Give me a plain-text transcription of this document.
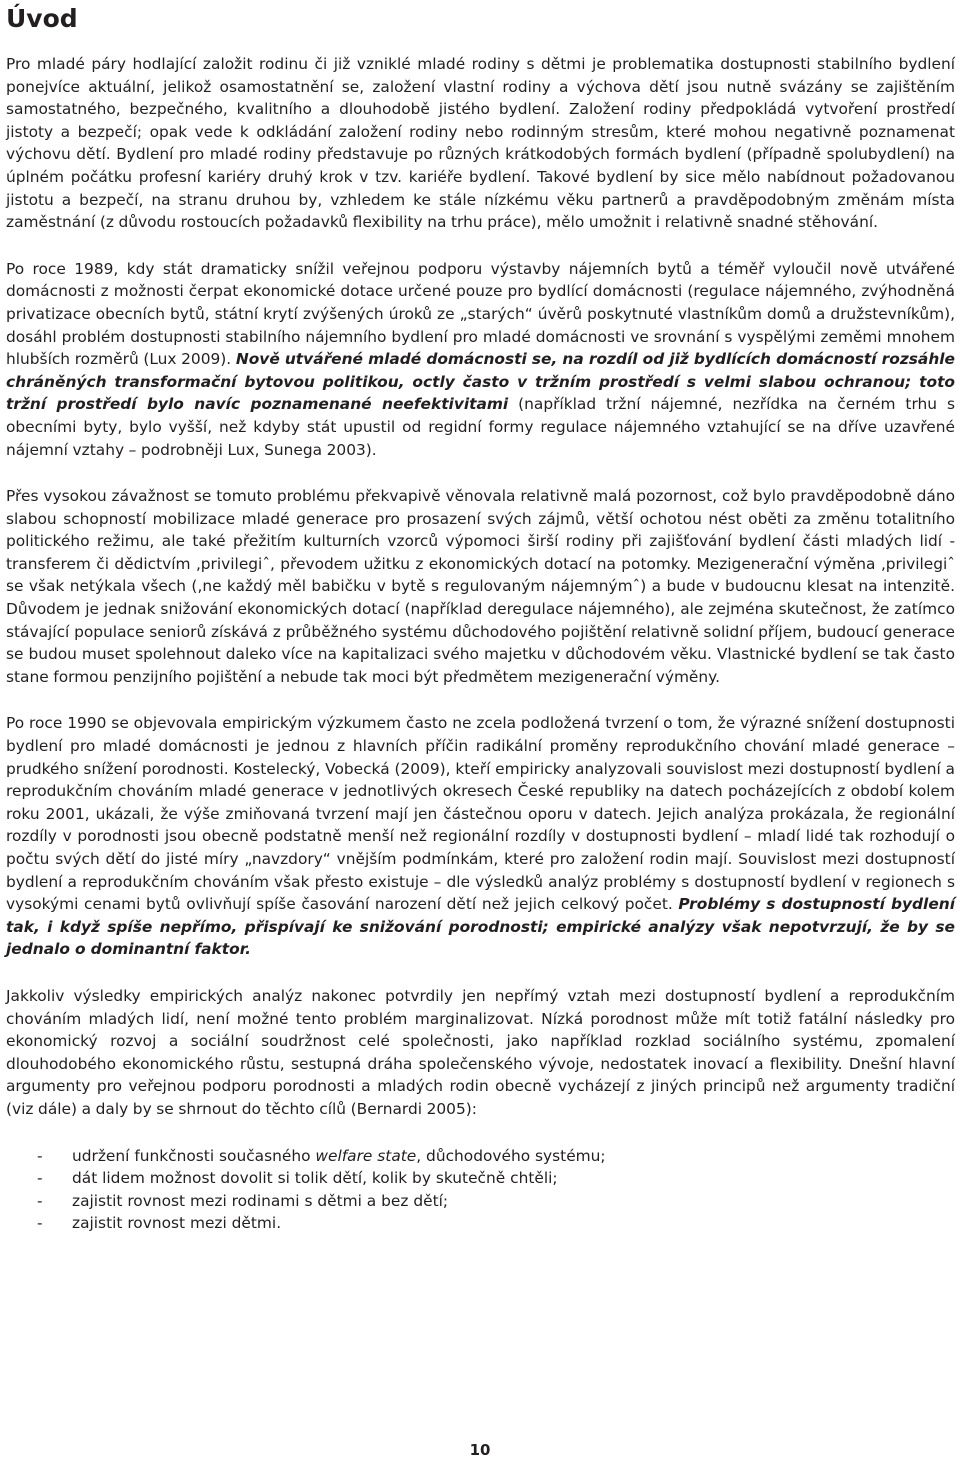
Úvod

Pro mladé páry hodlající založit rodinu či již vzniklé mladé rodiny s dětmi je problematika dostupnosti stabilního bydlení ponejvíce aktuální, jelikož osamostatnění se, založení vlastní rodiny a výchova dětí jsou nutně svázány se zajištěním samostatného, bezpečného, kvalitního a dlouhodobě jistého bydlení. Založení rodiny předpokládá vytvoření prostředí jistoty a bezpečí; opak vede k odkládání založení rodiny nebo rodinným stresům, které mohou negativně poznamenat výchovu dětí. Bydlení pro mladé rodiny představuje po různých krátkodobých formách bydlení (případně spolubydlení) na úplném počátku profesní kariéry druhý krok v tzv. kariéře bydlení. Takové bydlení by sice mělo nabídnout požadovanou jistotu a bezpečí, na stranu druhou by, vzhledem ke stále nízkému věku partnerů a pravděpodobným změnám místa zaměstnání (z důvodu rostoucích požadavků flexibility na trhu práce), mělo umožnit i relativně snadné stěhování.

Po roce 1989, kdy stát dramaticky snížil veřejnou podporu výstavby nájemních bytů a téměř vyloučil nově utvářené domácnosti z možnosti čerpat ekonomické dotace určené pouze pro bydlící domácnosti (regulace nájemného, zvýhodněná privatizace obecních bytů, státní krytí zvýšených úroků ze „starých“ úvěrů poskytnuté vlastníkům domů a družstevníkům), dosáhl problém dostupnosti stabilního nájemního bydlení pro mladé domácnosti ve srovnání s vyspělými zeměmi mnohem hlubších rozměrů (Lux 2009). Nově utvářené mladé domácnosti se, na rozdíl od již bydlících domácností rozsáhle chráněných transformační bytovou politikou, octly často v tržním prostředí s velmi slabou ochranou; toto tržní prostředí bylo navíc poznamenané neefektivitami (například tržní nájemné, nezřídka na černém trhu s obecními byty, bylo vyšší, než kdyby stát upustil od regidní formy regulace nájemného vztahující se na dříve uzavřené nájemní vztahy – podrobněji Lux, Sunega 2003).

Přes vysokou závažnost se tomuto problému překvapivě věnovala relativně malá pozornost, což bylo pravděpodobně dáno slabou schopností mobilizace mladé generace pro prosazení svých zájmů, větší ochotou nést oběti za změnu totalitního politického režimu, ale také přežitím kulturních vzorců výpomoci širší rodiny při zajišťování bydlení části mladých lidí - transferem či dědictvím ‚privilegiˆ, převodem užitku z ekonomických dotací na potomky. Mezigenerační výměna ‚privilegiˆ se však netýkala všech (‚ne každý měl babičku v bytě s regulovaným nájemnýmˆ) a bude v budoucnu klesat na intenzitě. Důvodem je jednak snižování ekonomických dotací (například deregulace nájemného), ale zejména skutečnost, že zatímco stávající populace seniorů získává z průběžného systému důchodového pojištění relativně solidní příjem, budoucí generace se budou muset spolehnout daleko více na kapitalizaci svého majetku v důchodovém věku. Vlastnické bydlení se tak často stane formou penzijního pojištění a nebude tak moci být předmětem mezigenerační výměny.

Po roce 1990 se objevovala empirickým výzkumem často ne zcela podložená tvrzení o tom, že výrazné snížení dostupnosti bydlení pro mladé domácnosti je jednou z hlavních příčin radikální proměny reprodukčního chování mladé generace – prudkého snížení porodnosti. Kostelecký, Vobecká (2009), kteří empiricky analyzovali souvislost mezi dostupností bydlení a reprodukčním chováním mladé generace v jednotlivých okresech České republiky na datech pocházejících z období kolem roku 2001, ukázali, že výše zmiňovaná tvrzení mají jen částečnou oporu v datech. Jejich analýza prokázala, že regionální rozdíly v porodnosti jsou obecně podstatně menší než regionální rozdíly v dostupnosti bydlení – mladí lidé tak rozhodují o počtu svých dětí do jisté míry „navzdory“ vnějším podmínkám, které pro založení rodin mají. Souvislost mezi dostupností bydlení a reprodukčním chováním však přesto existuje – dle výsledků analýz problémy s dostupností bydlení v regionech s vysokými cenami bytů ovlivňují spíše časování narození dětí než jejich celkový počet. Problémy s dostupností bydlení tak, i když spíše nepřímo, přispívají ke snižování porodnosti; empirické analýzy však nepotvrzují, že by se jednalo o dominantní faktor.

Jakkoliv výsledky empirických analýz nakonec potvrdily jen nepřímý vztah mezi dostupností bydlení a reprodukčním chováním mladých lidí, není možné tento problém marginalizovat. Nízká porodnost může mít totiž fatální následky pro ekonomický rozvoj a sociální soudržnost celé společnosti, jako například rozklad sociálního systému, zpomalení dlouhodobého ekonomického růstu, sestupná dráha společenského vývoje, nedostatek inovací a flexibility. Dnešní hlavní argumenty pro veřejnou podporu porodnosti a mladých rodin obecně vycházejí z jiných principů než argumenty tradiční (viz dále) a daly by se shrnout do těchto cílů (Bernardi 2005):

- udržení funkčnosti současného welfare state, důchodového systému;
- dát lidem možnost dovolit si tolik dětí, kolik by skutečně chtěli;
- zajistit rovnost mezi rodinami s dětmi a bez dětí;
- zajistit rovnost mezi dětmi.
10
